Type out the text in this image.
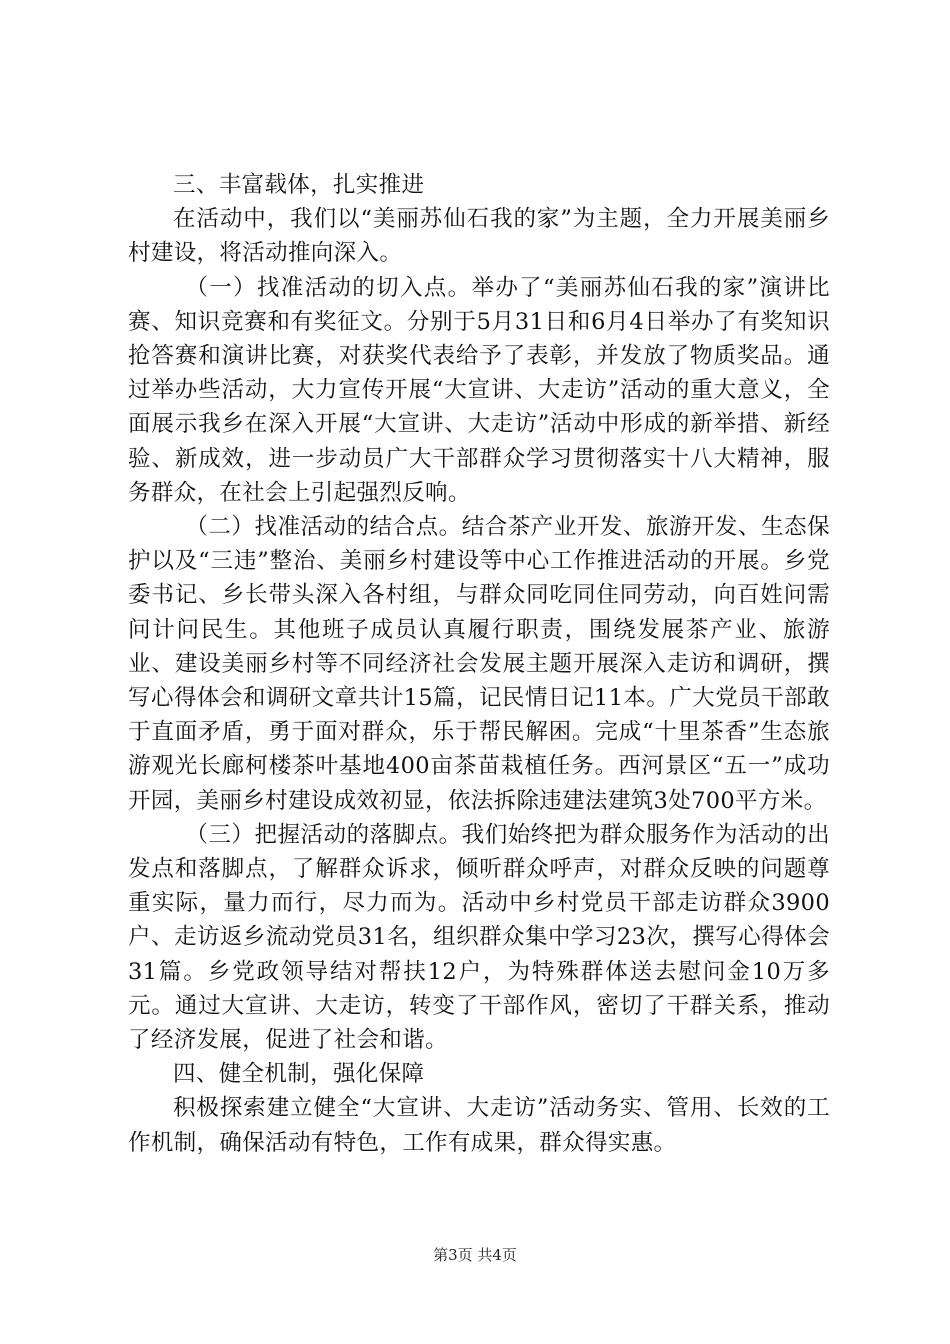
三、丰富载体，扎实推进

在活动中，我们以“美丽苏仙石我的家”为主题，全力开展美丽乡村建设，将活动推向深入。

（一）找准活动的切入点。举办了“美丽苏仙石我的家”演讲比赛、知识竞赛和有奖征文。分别于5月31日和6月4日举办了有奖知识抢答赛和演讲比赛，对获奖代表给予了表彰，并发放了物质奖品。通过举办些活动，大力宣传开展“大宣讲、大走访”活动的重大意义，全面展示我乡在深入开展“大宣讲、大走访”活动中形成的新举措、新经验、新成效，进一步动员广大干部群众学习贯彻落实十八大精神，服务群众，在社会上引起强烈反响。

（二）找准活动的结合点。结合茶产业开发、旅游开发、生态保护以及“三违”整治、美丽乡村建设等中心工作推进活动的开展。乡党委书记、乡长带头深入各村组，与群众同吃同住同劳动，向百姓问需问计问民生。其他班子成员认真履行职责，围绕发展茶产业、旅游业、建设美丽乡村等不同经济社会发展主题开展深入走访和调研，撰写心得体会和调研文章共计15篇，记民情日记11本。广大党员干部敢于直面矛盾，勇于面对群众，乐于帮民解困。完成“十里茶香”生态旅游观光长廊柯楼茶叶基地400亩茶苗栽植任务。西河景区“五一”成功开园，美丽乡村建设成效初显，依法拆除违建法建筑3处700平方米。

（三）把握活动的落脚点。我们始终把为群众服务作为活动的出发点和落脚点，了解群众诉求，倾听群众呼声，对群众反映的问题尊重实际，量力而行，尽力而为。活动中乡村党员干部走访群众3900户、走访返乡流动党员31名，组织群众集中学习23次，撰写心得体会31篇。乡党政领导结对帮扶12户，为特殊群体送去慰问金10万多元。通过大宣讲、大走访，转变了干部作风，密切了干群关系，推动了经济发展，促进了社会和谐。

四、健全机制，强化保障

积极探索建立健全“大宣讲、大走访”活动务实、管用、长效的工作机制，确保活动有特色，工作有成果，群众得实惠。

第3页 共4页
